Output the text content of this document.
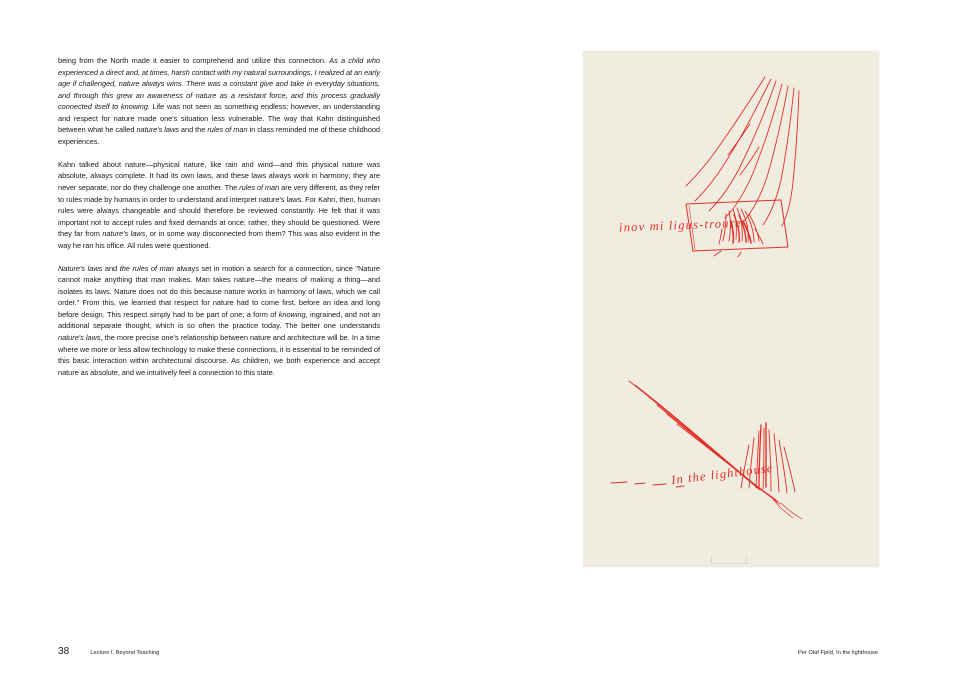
being from the North made it easier to comprehend and utilize this connection. As a child who experienced a direct and, at times, harsh contact with my natural surroundings, I realized at an early age if challenged, nature always wins. There was a constant give and take in everyday situations, and through this grew an awareness of nature as a resistant force, and this process gradually connected itself to knowing. Life was not seen as something endless; however, an understanding and respect for nature made one's situation less vulnerable. The way that Kahn distinguished between what he called nature's laws and the rules of man in class reminded me of these childhood experiences.

Kahn talked about nature—physical nature, like rain and wind—and this physical nature was absolute, always complete. It had its own laws, and these laws always work in harmony; they are never separate, nor do they challenge one another. The rules of man are very different, as they refer to rules made by humans in order to understand and interpret nature's laws. For Kahn, then, human rules were always changeable and should therefore be reviewed constantly. He felt that it was important not to accept rules and fixed demands at once; rather, they should be questioned. Were they far from nature's laws, or in some way disconnected from them? This was also evident in the way he ran his office. All rules were questioned.

Nature's laws and the rules of man always set in motion a search for a connection, since "Nature cannot make anything that man makes. Man takes nature—the means of making a thing—and isolates its laws. Nature does not do this because nature works in harmony of laws, which we call order." From this, we learned that respect for nature had to come first, before an idea and long before design. This respect simply had to be part of one; a form of knowing, ingrained, and not an additional separate thought, which is so often the practice today. The better one understands nature's laws, the more precise one's relationship between nature and architecture will be. In a time where we more or less allow technology to make these connections, it is essential to be reminded of this basic interaction within architectural discourse. As children, we both experience and accept nature as absolute, and we intuitively feel a connection to this state.

38	Lecture I. Beyond Teaching
inov mi ligus-troure .
In the lighthouse
Per Olaf Fjeld, In the lighthouse
